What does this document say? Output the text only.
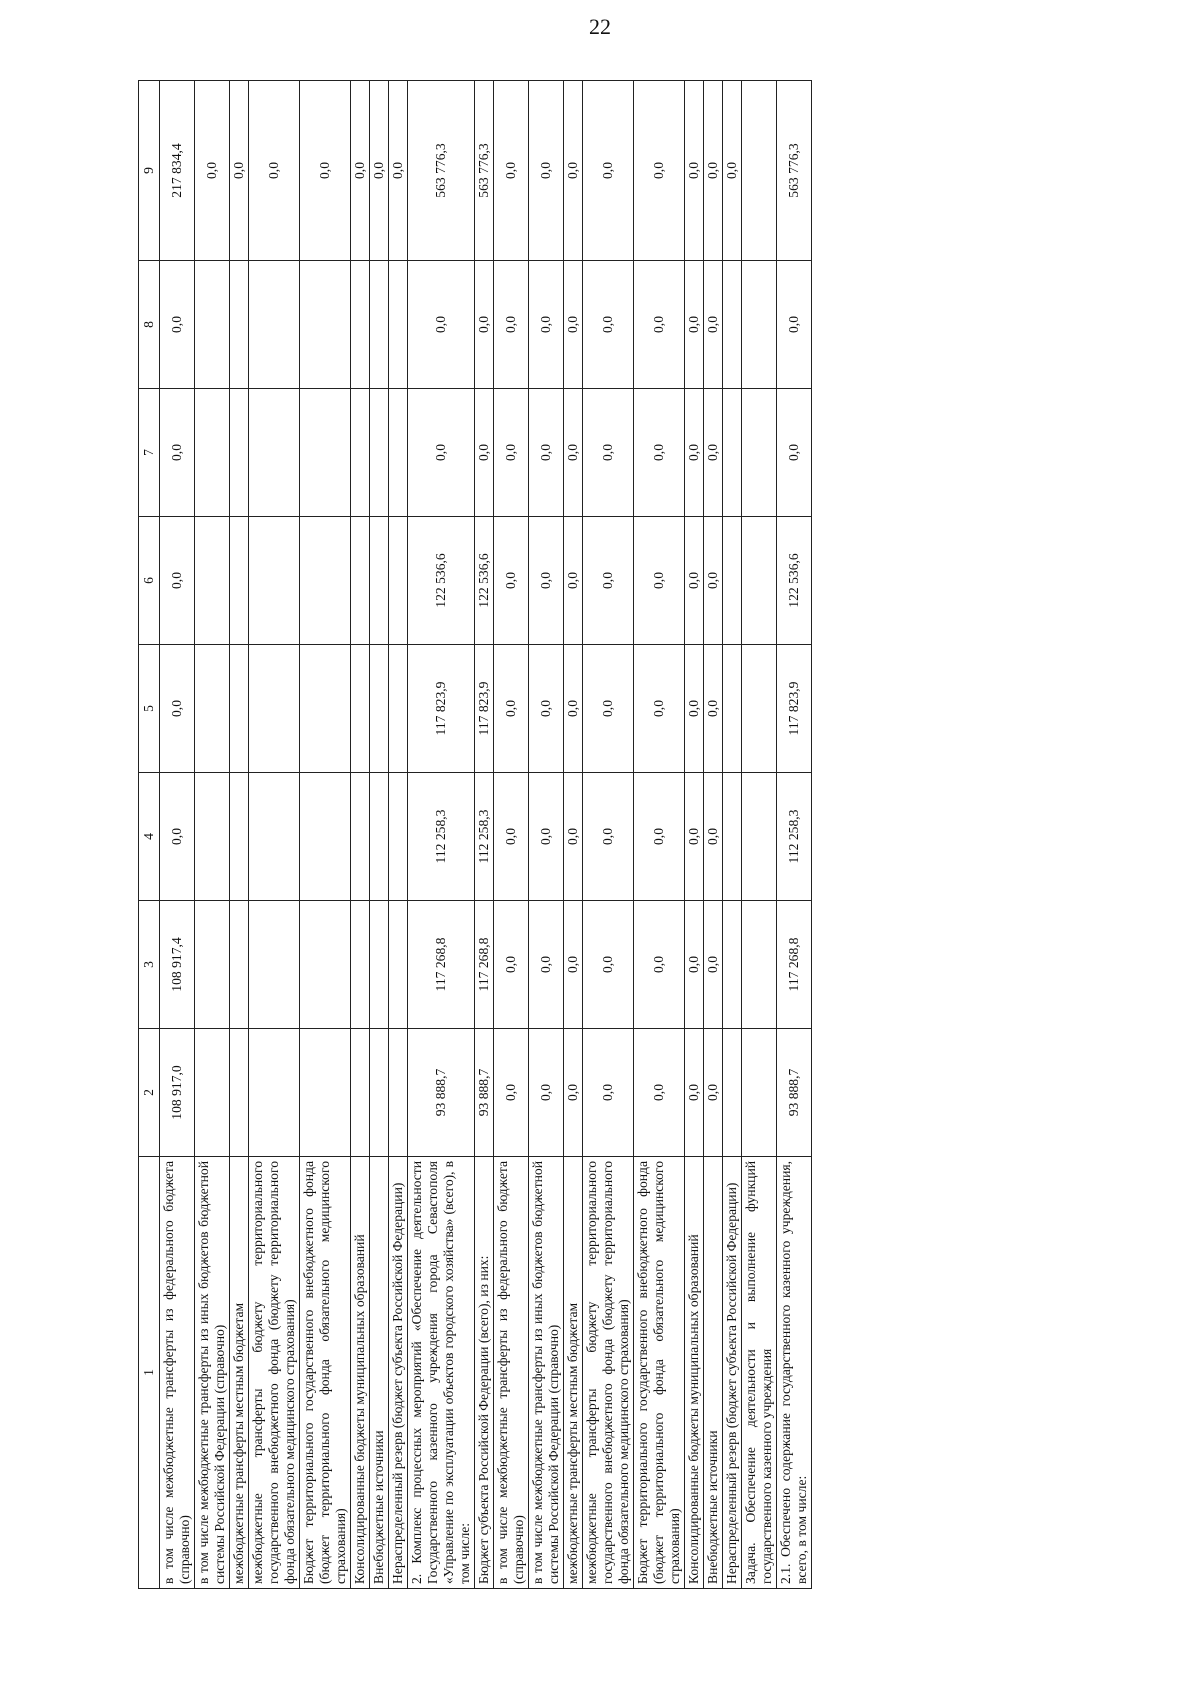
22
1	2	3	4	5	6	7	8	9
в том числе межбюджетные трансферты из федерального бюджета (справочно)	108 917,0	108 917,4	0,0	0,0	0,0	0,0	0,0	217 834,4
в том числе межбюджетные трансферты из иных бюджетов бюджетной системы Российской Федерации (справочно)								0,0
межбюджетные трансферты местным бюджетам								0,0
межбюджетные трансферты бюджету территориального государственного внебюджетного фонда (бюджету территориального фонда обязательного медицинского страхования)								0,0
Бюджет территориального государственного внебюджетного фонда (бюджет территориального фонда обязательного медицинского страхования)								0,0
Консолидированные бюджеты муниципальных образований								0,0
Внебюджетные источники								0,0
Нераспределенный резерв (бюджет субъекта Российской Федерации)								0,0
2. Комплекс процессных мероприятий «Обеспечение деятельности Государственного казенного учреждения города Севастополя «Управление по эксплуатации объектов городского хозяйства» (всего), в том числе:	93 888,7	117 268,8	112 258,3	117 823,9	122 536,6	0,0	0,0	563 776,3
Бюджет субъекта Российской Федерации (всего), из них:	93 888,7	117 268,8	112 258,3	117 823,9	122 536,6	0,0	0,0	563 776,3
в том числе межбюджетные трансферты из федерального бюджета (справочно)	0,0	0,0	0,0	0,0	0,0	0,0	0,0	0,0
в том числе межбюджетные трансферты из иных бюджетов бюджетной системы Российской Федерации (справочно)	0,0	0,0	0,0	0,0	0,0	0,0	0,0	0,0
межбюджетные трансферты местным бюджетам	0,0	0,0	0,0	0,0	0,0	0,0	0,0	0,0
межбюджетные трансферты бюджету территориального государственного внебюджетного фонда (бюджету территориального фонда обязательного медицинского страхования)	0,0	0,0	0,0	0,0	0,0	0,0	0,0	0,0
Бюджет территориального государственного внебюджетного фонда (бюджет территориального фонда обязательного медицинского страхования)	0,0	0,0	0,0	0,0	0,0	0,0	0,0	0,0
Консолидированные бюджеты муниципальных образований	0,0	0,0	0,0	0,0	0,0	0,0	0,0	0,0
Внебюджетные источники	0,0	0,0	0,0	0,0	0,0	0,0	0,0	0,0
Нераспределенный резерв (бюджет субъекта Российской Федерации)								0,0
Задача. Обеспечение деятельности и выполнение функций государственного казенного учреждения								
2.1. Обеспечено содержание государственного казенного учреждения, всего, в том числе:	93 888,7	117 268,8	112 258,3	117 823,9	122 536,6	0,0	0,0	563 776,3
